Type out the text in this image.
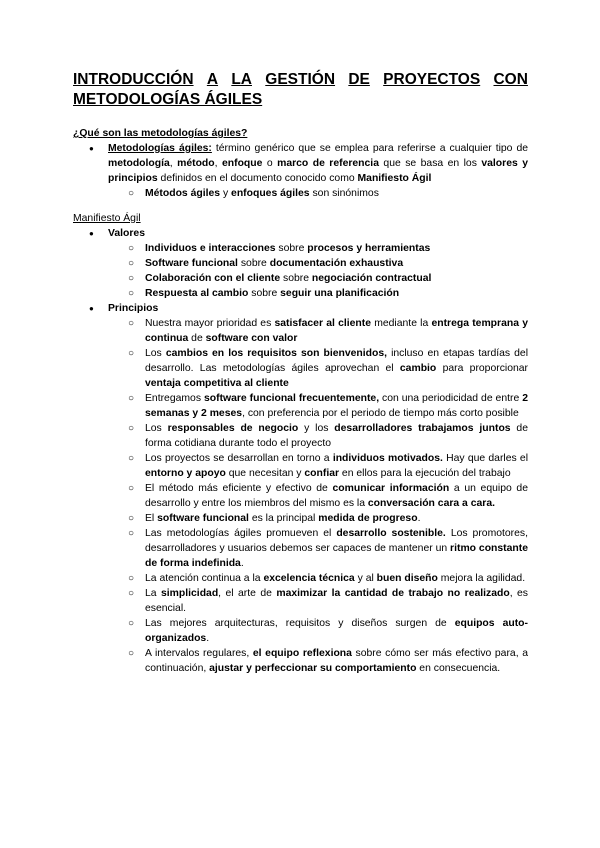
INTRODUCCIÓN A LA GESTIÓN DE PROYECTOS CON
METODOLOGÍAS ÁGILES

¿Qué son las metodologías ágiles?

● Metodologías ágiles: término genérico que se emplea para referirse a cualquier tipo de metodología, método, enfoque o marco de referencia que se basa en los valores y principios definidos en el documento conocido como Manifiesto Ágil
○ Métodos ágiles y enfoques ágiles son sinónimos

Manifiesto Ágil

● Valores
○ Individuos e interacciones sobre procesos y herramientas
○ Software funcional sobre documentación exhaustiva
○ Colaboración con el cliente sobre negociación contractual
○ Respuesta al cambio sobre seguir una planificación
● Principios
○ Nuestra mayor prioridad es satisfacer al cliente mediante la entrega temprana y continua de software con valor
○ Los cambios en los requisitos son bienvenidos, incluso en etapas tardías del desarrollo. Las metodologías ágiles aprovechan el cambio para proporcionar ventaja competitiva al cliente
○ Entregamos software funcional frecuentemente, con una periodicidad de entre 2 semanas y 2 meses, con preferencia por el periodo de tiempo más corto posible
○ Los responsables de negocio y los desarrolladores trabajamos juntos de forma cotidiana durante todo el proyecto
○ Los proyectos se desarrollan en torno a individuos motivados. Hay que darles el entorno y apoyo que necesitan y confiar en ellos para la ejecución del trabajo
○ El método más eficiente y efectivo de comunicar información a un equipo de desarrollo y entre los miembros del mismo es la conversación cara a cara.
○ El software funcional es la principal medida de progreso.
○ Las metodologías ágiles promueven el desarrollo sostenible. Los promotores, desarrolladores y usuarios debemos ser capaces de mantener un ritmo constante de forma indefinida.
○ La atención continua a la excelencia técnica y al buen diseño mejora la agilidad.
○ La simplicidad, el arte de maximizar la cantidad de trabajo no realizado, es esencial.
○ Las mejores arquitecturas, requisitos y diseños surgen de equipos auto-organizados.
○ A intervalos regulares, el equipo reflexiona sobre cómo ser más efectivo para, a continuación, ajustar y perfeccionar su comportamiento en consecuencia.
